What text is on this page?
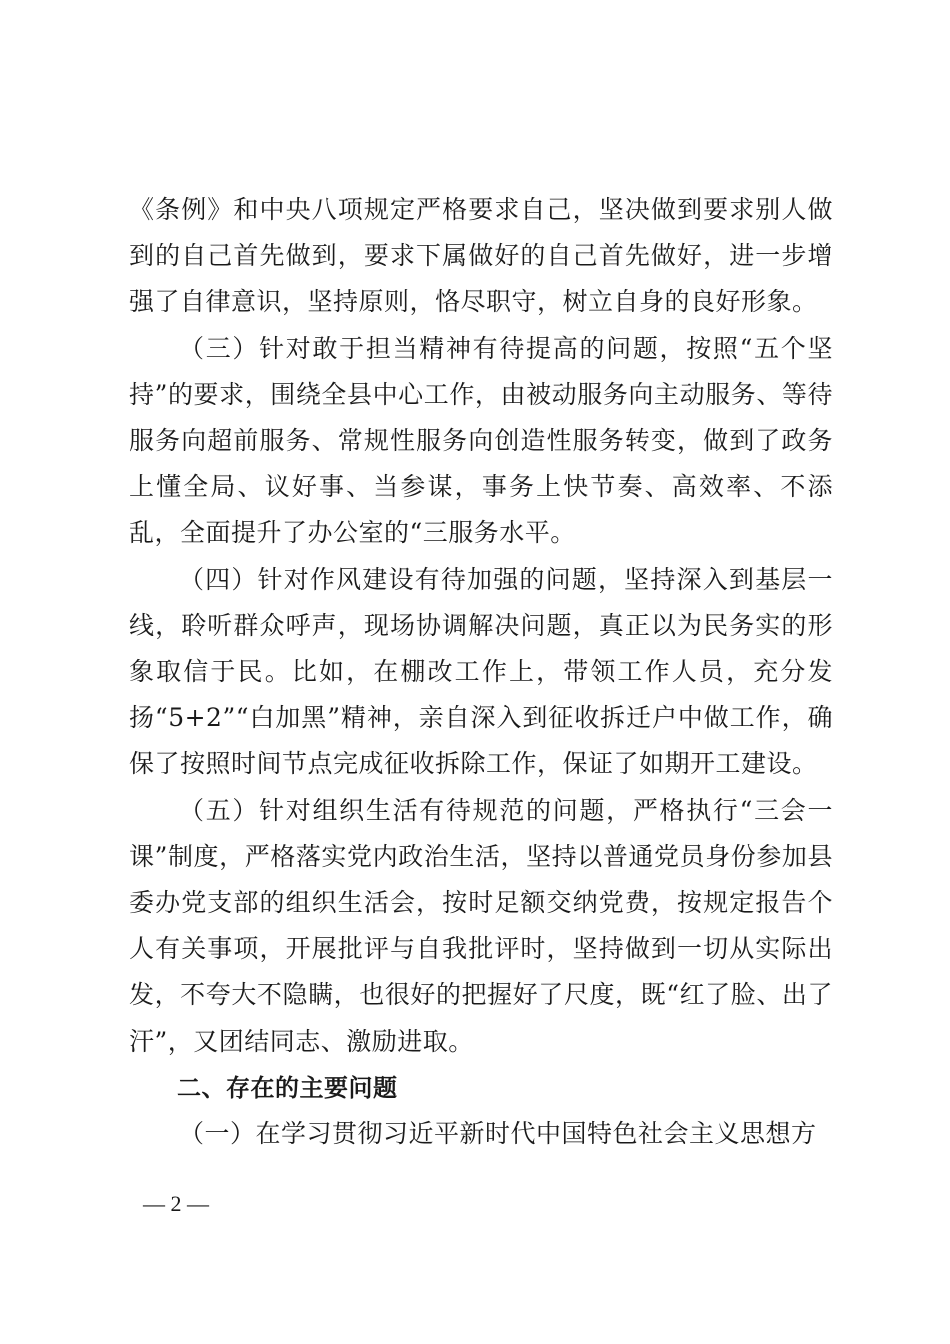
《条例》和中央八项规定严格要求自己，坚决做到要求别人做到的自己首先做到，要求下属做好的自己首先做好，进一步增强了自律意识，坚持原则，恪尽职守，树立自身的良好形象。

（三）针对敢于担当精神有待提高的问题，按照“五个坚持”的要求，围绕全县中心工作，由被动服务向主动服务、等待服务向超前服务、常规性服务向创造性服务转变，做到了政务上懂全局、议好事、当参谋，事务上快节奏、高效率、不添乱，全面提升了办公室的“三服务水平。

（四）针对作风建设有待加强的问题，坚持深入到基层一线，聆听群众呼声，现场协调解决问题，真正以为民务实的形象取信于民。比如，在棚改工作上，带领工作人员，充分发扬“5+2”“白加黑”精神，亲自深入到征收拆迁户中做工作，确保了按照时间节点完成征收拆除工作，保证了如期开工建设。

（五）针对组织生活有待规范的问题，严格执行“三会一课”制度，严格落实党内政治生活，坚持以普通党员身份参加县委办党支部的组织生活会，按时足额交纳党费，按规定报告个人有关事项，开展批评与自我批评时，坚持做到一切从实际出发，不夸大不隐瞒，也很好的把握好了尺度，既“红了脸、出了汗”，又团结同志、激励进取。

二、存在的主要问题

（一）在学习贯彻习近平新时代中国特色社会主义思想方

— 2 —
